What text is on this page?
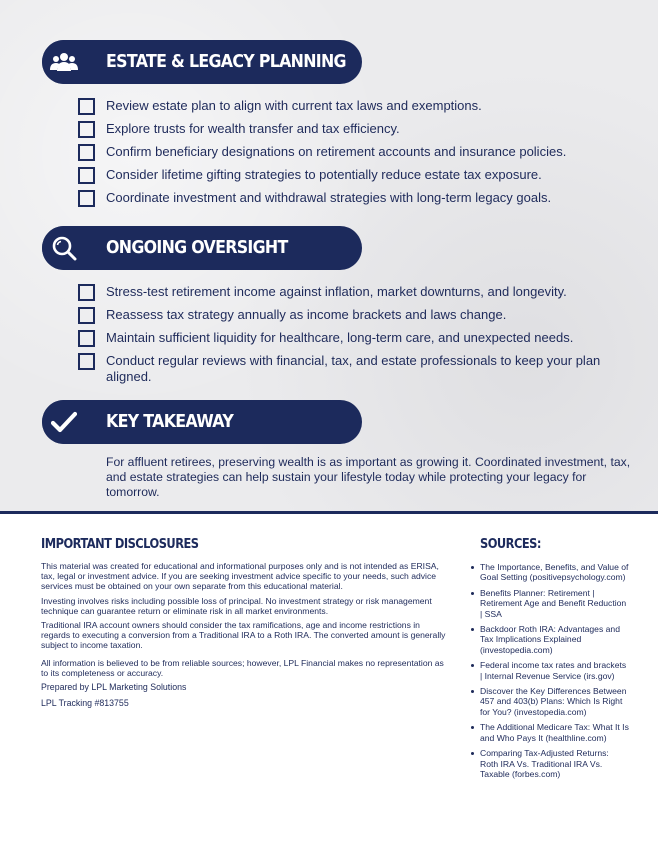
ESTATE & LEGACY PLANNING
Review estate plan to align with current tax laws and exemptions.
Explore trusts for wealth transfer and tax efficiency.
Confirm beneficiary designations on retirement accounts and insurance policies.
Consider lifetime gifting strategies to potentially reduce estate tax exposure.
Coordinate investment and withdrawal strategies with long-term legacy goals.
ONGOING OVERSIGHT
Stress-test retirement income against inflation, market downturns, and longevity.
Reassess tax strategy annually as income brackets and laws change.
Maintain sufficient liquidity for healthcare, long-term care, and unexpected needs.
Conduct regular reviews with financial, tax, and estate professionals to keep your plan aligned.
KEY TAKEAWAY
For affluent retirees, preserving wealth is as important as growing it. Coordinated investment, tax, and estate strategies can help sustain your lifestyle today while protecting your legacy for tomorrow.
IMPORTANT DISCLOSURES

This material was created for educational and informational purposes only and is not intended as ERISA, tax, legal or investment advice. If you are seeking investment advice specific to your needs, such advice services must be obtained on your own separate from this educational material.

Investing involves risks including possible loss of principal. No investment strategy or risk management technique can guarantee return or eliminate risk in all market environments.

Traditional IRA account owners should consider the tax ramifications, age and income restrictions in regards to executing a conversion from a Traditional IRA to a Roth IRA. The converted amount is generally subject to income taxation.

All information is believed to be from reliable sources; however, LPL Financial makes no representation as to its completeness or accuracy.

Prepared by LPL Marketing Solutions

LPL Tracking #813755

SOURCES:
The Importance, Benefits, and Value of Goal Setting (positivepsychology.com)
Benefits Planner: Retirement | Retirement Age and Benefit Reduction | SSA
Backdoor Roth IRA: Advantages and Tax Implications Explained (investopedia.com)
Federal income tax rates and brackets | Internal Revenue Service (irs.gov)
Discover the Key Differences Between 457 and 403(b) Plans: Which Is Right for You? (investopedia.com)
The Additional Medicare Tax: What It Is and Who Pays It (healthline.com)
Comparing Tax-Adjusted Returns: Roth IRA Vs. Traditional IRA Vs. Taxable (forbes.com)
